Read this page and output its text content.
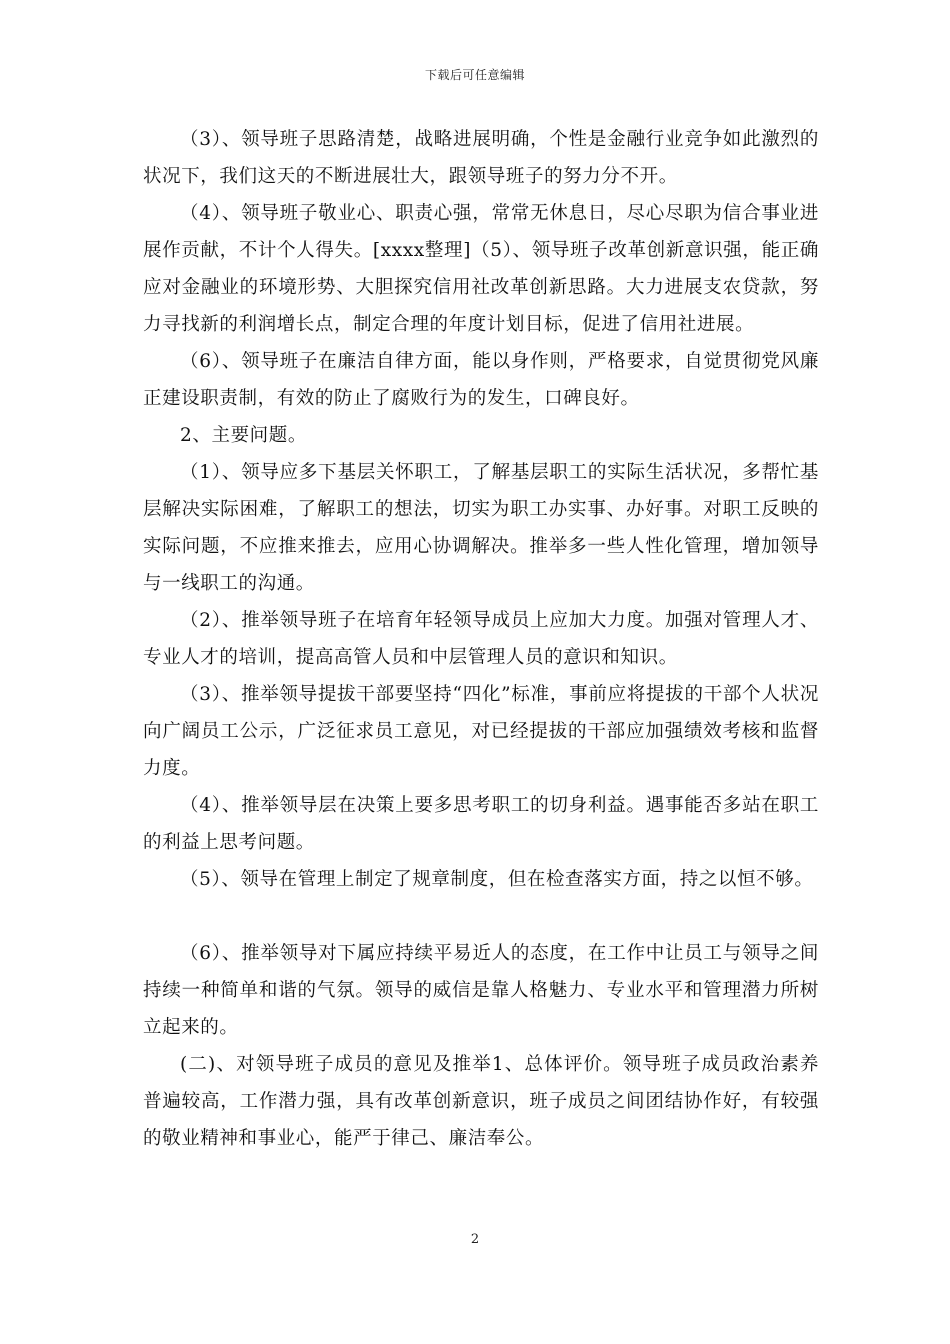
下载后可任意编辑

（3）、领导班子思路清楚，战略进展明确，个性是金融行业竞争如此激烈的状况下，我们这天的不断进展壮大，跟领导班子的努力分不开。

（4）、领导班子敬业心、职责心强，常常无休息日，尽心尽职为信合事业进展作贡献，不计个人得失。[xxxx整理]（5）、领导班子改革创新意识强，能正确应对金融业的环境形势、大胆探究信用社改革创新思路。大力进展支农贷款，努力寻找新的利润增长点，制定合理的年度计划目标，促进了信用社进展。

（6）、领导班子在廉洁自律方面，能以身作则，严格要求，自觉贯彻党风廉正建设职责制，有效的防止了腐败行为的发生，口碑良好。

2、主要问题。

（1）、领导应多下基层关怀职工，了解基层职工的实际生活状况，多帮忙基层解决实际困难，了解职工的想法，切实为职工办实事、办好事。对职工反映的实际问题，不应推来推去，应用心协调解决。推举多一些人性化管理，增加领导与一线职工的沟通。

（2）、推举领导班子在培育年轻领导成员上应加大力度。加强对管理人才、专业人才的培训，提高高管人员和中层管理人员的意识和知识。

（3）、推举领导提拔干部要坚持“四化”标准，事前应将提拔的干部个人状况向广阔员工公示，广泛征求员工意见，对已经提拔的干部应加强绩效考核和监督力度。

（4）、推举领导层在决策上要多思考职工的切身利益。遇事能否多站在职工的利益上思考问题。

（5）、领导在管理上制定了规章制度，但在检查落实方面，持之以恒不够。

（6）、推举领导对下属应持续平易近人的态度，在工作中让员工与领导之间持续一种简单和谐的气氛。领导的威信是靠人格魅力、专业水平和管理潜力所树立起来的。

(二)、对领导班子成员的意见及推举1、总体评价。领导班子成员政治素养普遍较高，工作潜力强，具有改革创新意识，班子成员之间团结协作好，有较强的敬业精神和事业心，能严于律己、廉洁奉公。

2
